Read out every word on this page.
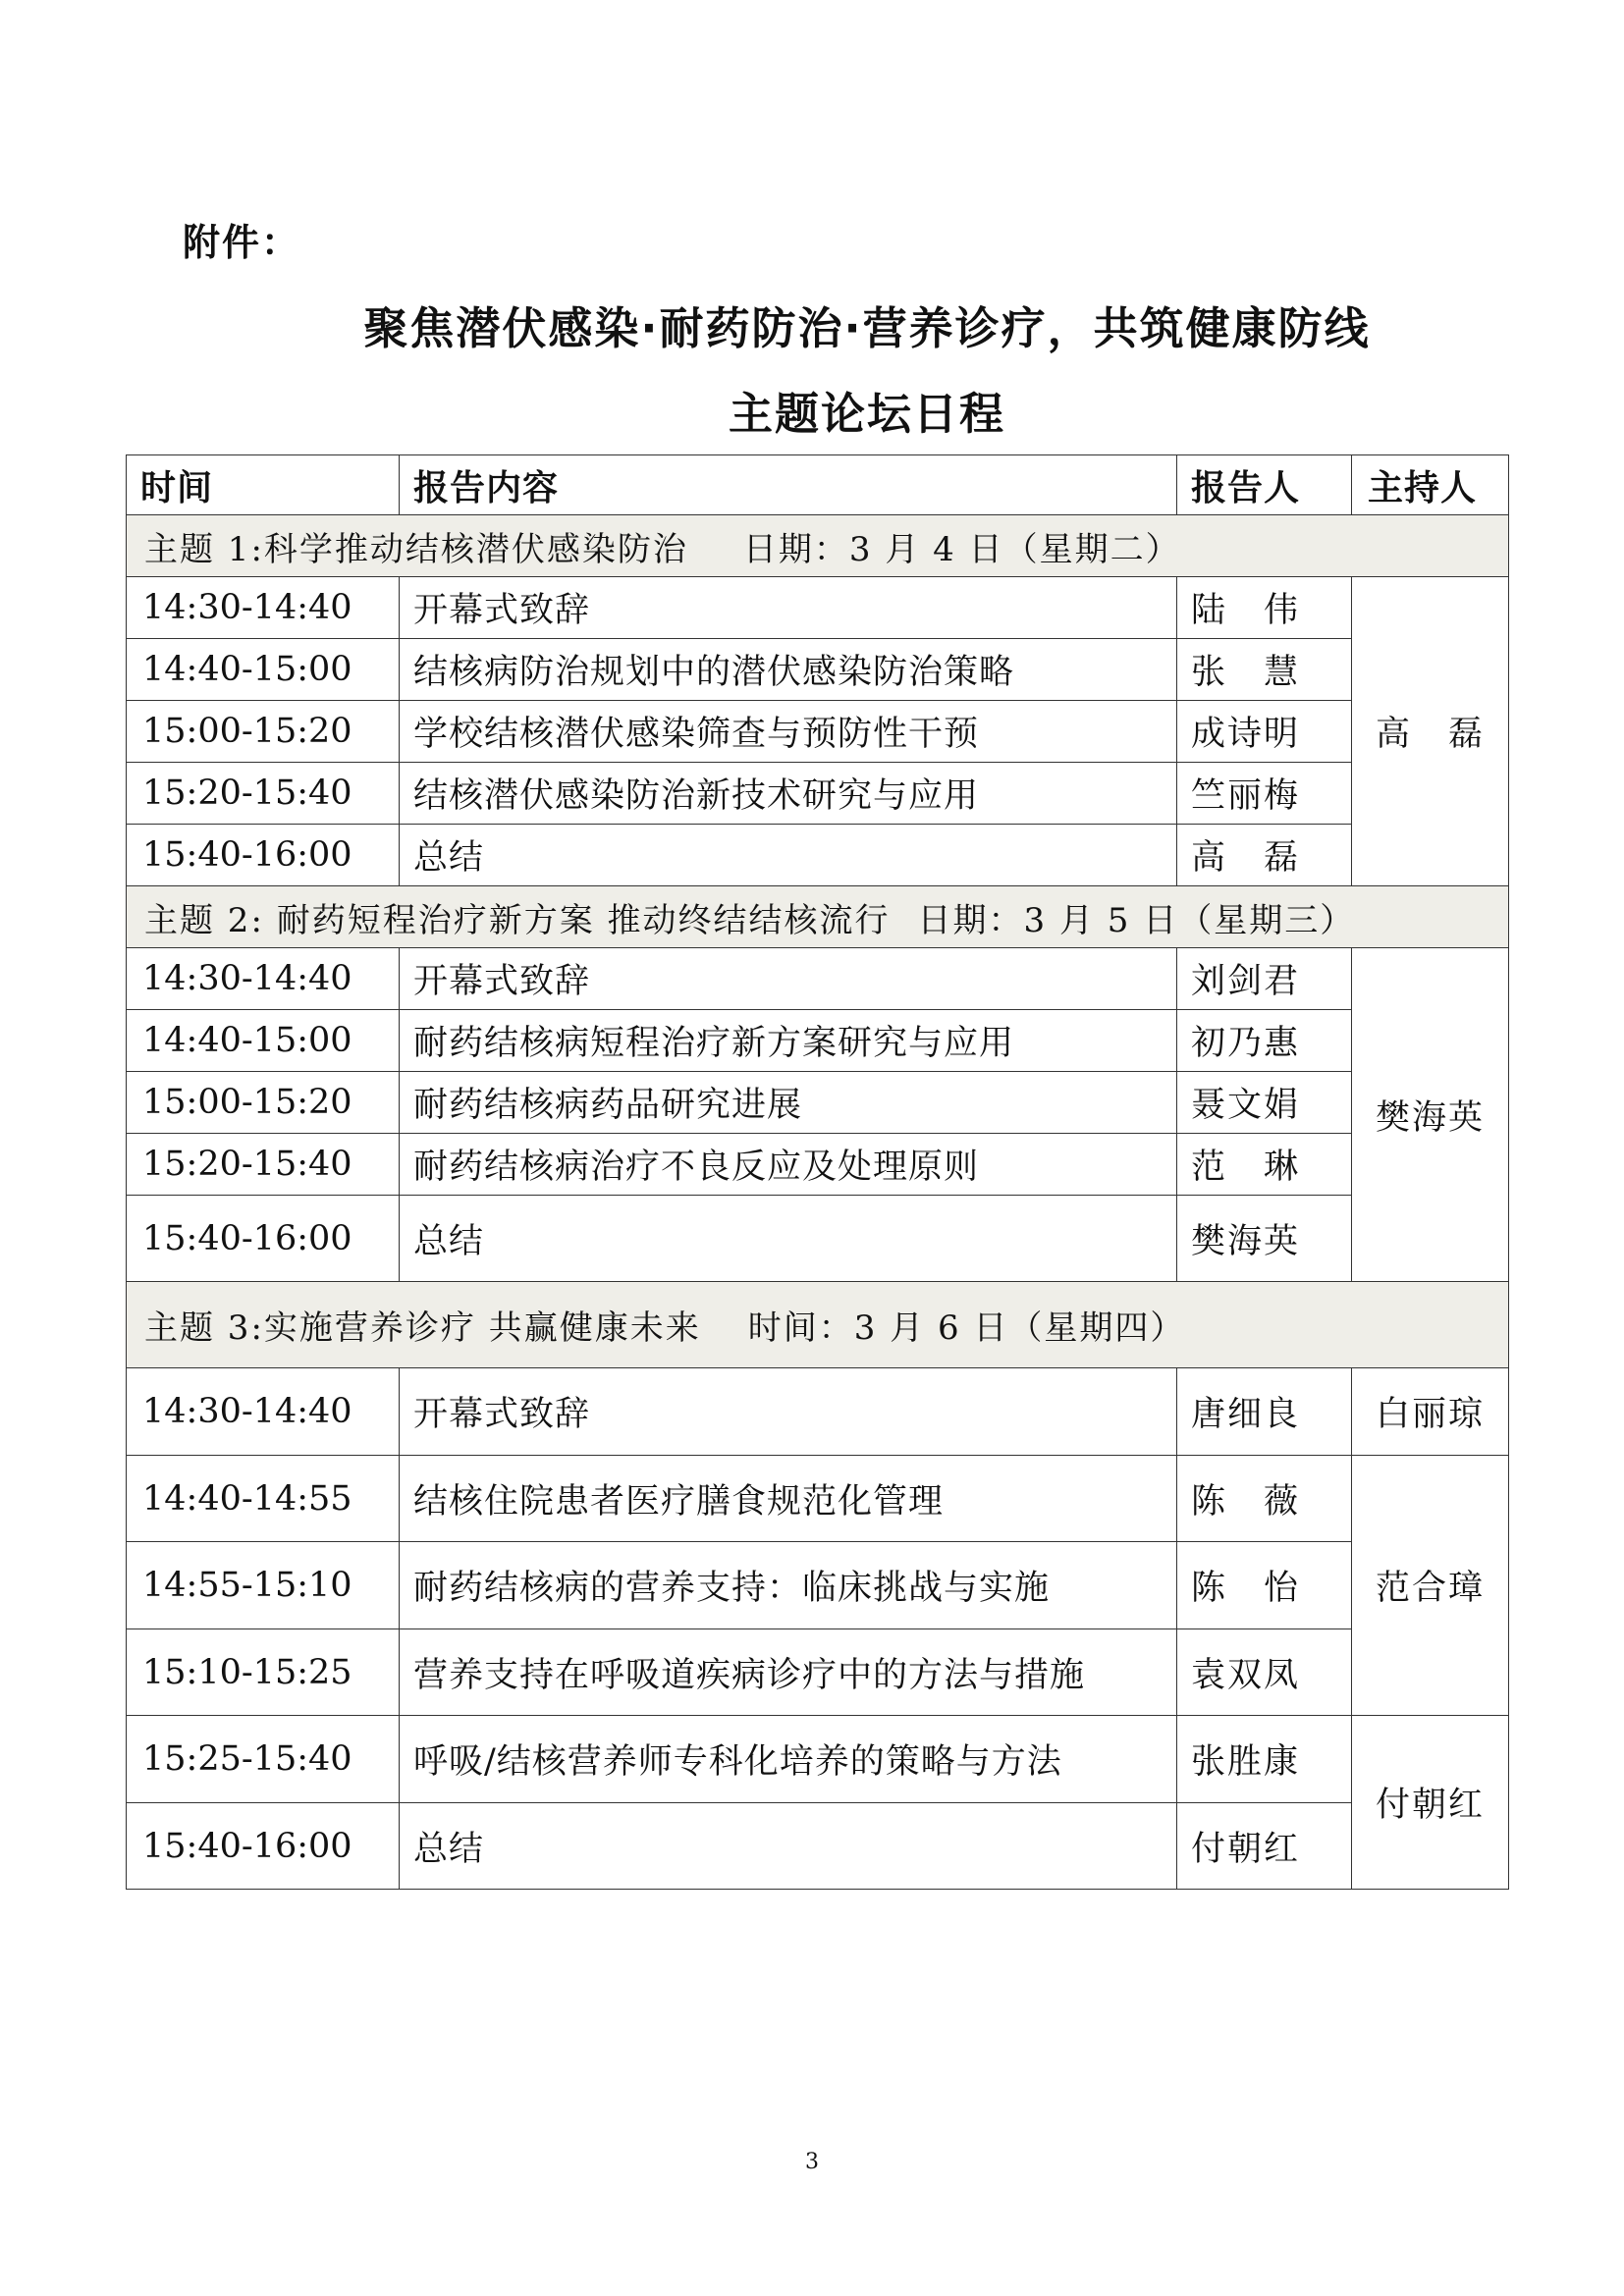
附件：
聚焦潜伏感染·耐药防治·营养诊疗，共筑健康防线
主题论坛日程
时间	报告内容	报告人	主持人
主题 1:科学推动结核潜伏感染防治 日期：3 月 4 日（星期二）			
14:30-14:40	开幕式致辞	陆　伟	高　磊
14:40-15:00	结核病防治规划中的潜伏感染防治策略	张　慧	
15:00-15:20	学校结核潜伏感染筛查与预防性干预	成诗明	
15:20-15:40	结核潜伏感染防治新技术研究与应用	竺丽梅	
15:40-16:00	总结	高　磊	
主题 2: 耐药短程治疗新方案 推动终结结核流行 日期：3 月 5 日（星期三）			
14:30-14:40	开幕式致辞	刘剑君	樊海英
14:40-15:00	耐药结核病短程治疗新方案研究与应用	初乃惠	
15:00-15:20	耐药结核病药品研究进展	聂文娟	
15:20-15:40	耐药结核病治疗不良反应及处理原则	范　琳	
15:40-16:00	总结	樊海英	
主题 3:实施营养诊疗 共赢健康未来 时间：3 月 6 日（星期四）			
14:30-14:40	开幕式致辞	唐细良	白丽琼
14:40-14:55	结核住院患者医疗膳食规范化管理	陈　薇	范合璋
14:55-15:10	耐药结核病的营养支持：临床挑战与实施	陈　怡	
15:10-15:25	营养支持在呼吸道疾病诊疗中的方法与措施	袁双凤	
15:25-15:40	呼吸/结核营养师专科化培养的策略与方法	张胜康	付朝红
15:40-16:00	总结	付朝红	
3
